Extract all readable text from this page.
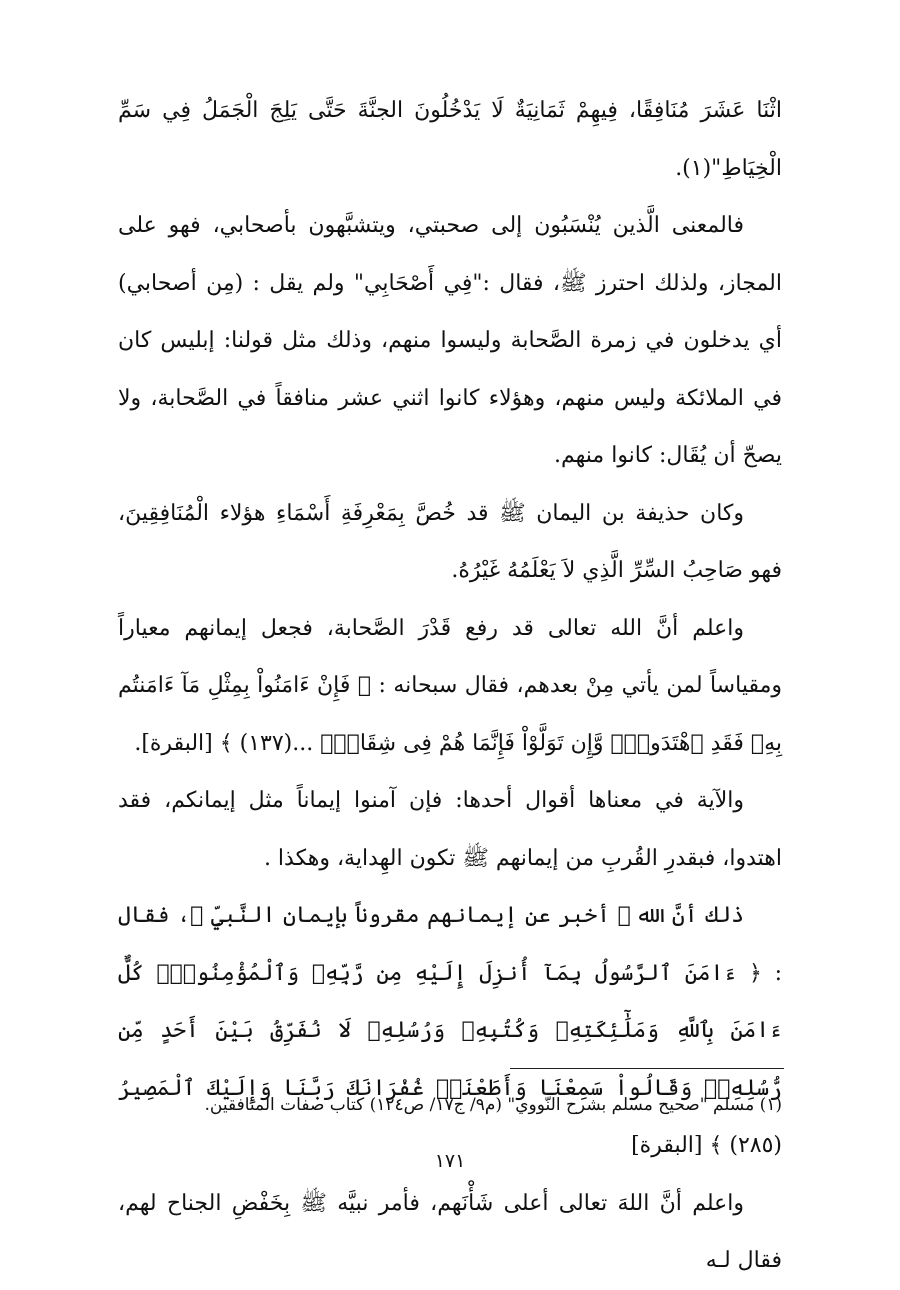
اثْنَا عَشَرَ مُنَافِقًا، فِيهِمْ ثَمَانِيَةٌ لَا يَدْخُلُونَ الجنَّةَ حَتَّى يَلِجَ الْجَمَلُ فِي سَمِّ الْخِيَاطِ"(١).

فالمعنى الَّذين يُنْسَبُون إلى صحبتي، ويتشبَّهون بأصحابي، فهو على المجاز، ولذلك احترز ﷺ، فقال :"فِي أَصْحَابِي" ولم يقل : (مِن أصحابي) أي يدخلون في زمرة الصَّحابة وليسوا منهم، وذلك مثل قولنا: إبليس كان في الملائكة وليس منهم، وهؤلاء كانوا اثني عشر منافقاً في الصَّحابة، ولا يصحّ أن يُقَال: كانوا منهم.

وكان حذيفة بن اليمان ﷺ قد خُصَّ بِمَعْرِفَةِ أَسْمَاءِ هؤلاء الْمُنَافِقِينَ، فهو صَاحِبُ السِّرِّ الَّذِي لاَ يَعْلَمُهُ غَيْرُهُ.

واعلم أنَّ الله تعالى قد رفع قَدْرَ الصَّحابة، فجعل إيمانهم معياراً ومقياساً لمن يأتي مِنْ بعدهم، فقال سبحانه : ﴿ فَإِنْ ءَامَنُواْ بِمِثْلِ مَآ ءَامَنتُم بِهِۦ فَقَدِ ٱهْتَدَواْۖ وَّإِن تَوَلَّوْاْ فَإِنَّمَا هُمْ فِى شِقَاقٍۖ ...(١٣٧) ﴾ [البقرة].

والآية في معناها أقوال أحدها: فإن آمنوا إيماناً مثل إيمانكم، فقد اهتدوا، فبقدرِ القُربِ من إيمانهم ﷺ تكون الهِداية، وهكذا .

ذلك أنَّ الله ﷻ أخبر عن إيمانهم مقروناً بإيمان النَّبيِّ ﷺ، فقال : ﴿ ءَامَنَ ٱلرَّسُولُ بِمَآ أُنزِلَ إِلَيْهِ مِن رَّبِّهِۦ وَٱلْمُؤْمِنُونَۚ كُلٌّ ءَامَنَ بِٱللَّهِ وَمَلَٰٓئِكَتِهِۦ وَكُتُبِهِۦ وَرُسُلِهِۦ لَا نُفَرِّقُ بَيْنَ أَحَدٍ مِّن رُّسُلِهِۦۚ وَقَالُواْ سَمِعْنَا وَأَطَعْنَاۖ غُفْرَانَكَ رَبَّنَا وَإِلَيْكَ ٱلْمَصِيرُ (٢٨٥) ﴾ [البقرة]

واعلم أنَّ اللهَ تعالى أعلى شَأْنَهم، فأمر نبيَّه ﷺ بِخَفْضِ الجناح لهم، فقال لـه

(١) مسلم "صحيح مسلم بشرح النّووي" (م٩/ ج١٧/ ص١٢٤) كتاب صفات المنافقين.
١٧١
